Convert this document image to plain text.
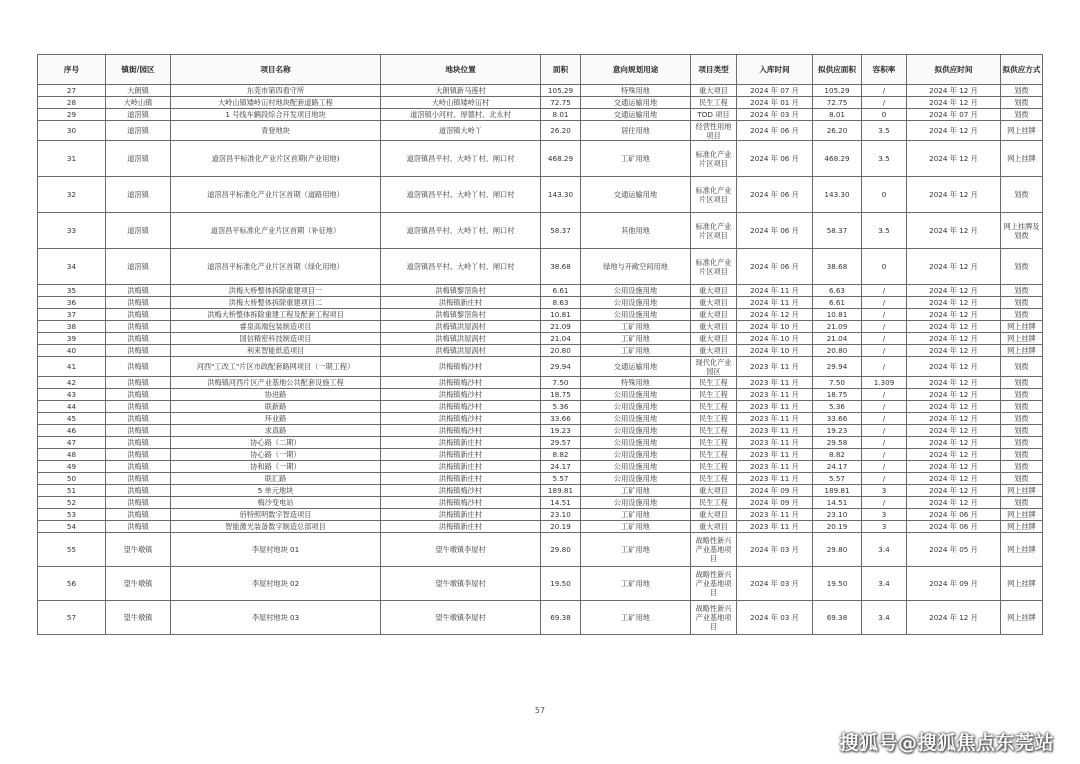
序号	镇街/园区	项目名称	地块位置	面积	意向规划用途	项目类型	入库时间	拟供应面积	容积率	拟供应时间	拟供应方式
27	大朗镇	东莞市第四看守所	大朗镇新马莲村	105.29	特殊用地	重大项目	2024 年 07 月	105.29	/	2024 年 12 月	划拨
28	大岭山镇	大岭山镇矮岭冚村地块配套道路工程	大岭山镇矮岭冚村	72.75	交通运输用地	民生工程	2024 年 01 月	72.75	/	2024 年 12 月	划拨
29	道滘镇	1 号线车辆段综合开发项目地块	道滘镇小河村、厚德村、北永村	8.01	交通运输用地	TOD 项目	2024 年 03 月	8.01	0	2024 年 07 月	划拨
30	道滘镇	青登地块	道滘镇大岭丫	26.20	居住用地	经营性用地项目	2024 年 06 月	26.20	3.5	2024 年 12 月	网上挂牌
31	道滘镇	道滘昌平标准化产业片区首期(产业用地)	道滘镇昌平村、大岭丫村、闸口村	468.29	工矿用地	标准化产业片区项目	2024 年 06 月	468.29	3.5	2024 年 12 月	网上挂牌
32	道滘镇	道滘昌平标准化产业片区首期（道路用地）	道滘镇昌平村、大岭丫村、闸口村	143.30	交通运输用地	标准化产业片区项目	2024 年 06 月	143.30	0	2024 年 12 月	划拨
33	道滘镇	道滘昌平标准化产业片区首期（补征地）	道滘镇昌平村、大岭丫村、闸口村	58.37	其他用地	标准化产业片区项目	2024 年 06 月	58.37	3.5	2024 年 12 月	网上挂牌及划拨
34	道滘镇	道滘昌平标准化产业片区首期（绿化用地）	道滘镇昌平村、大岭丫村、闸口村	38.68	绿地与开敞空间用地	标准化产业片区项目	2024 年 06 月	38.68	0	2024 年 12 月	划拨
35	洪梅镇	洪梅大桥整体拆除重建项目一	洪梅镇黎滘角村	6.61	公用设施用地	重大项目	2024 年 11 月	6.63	/	2024 年 12 月	划拨
36	洪梅镇	洪梅大桥整体拆除重建项目二	洪梅镇新庄村	8.63	公用设施用地	重大项目	2024 年 11 月	6.61	/	2024 年 12 月	划拨
37	洪梅镇	洪梅大桥整体拆除重建工程及配套工程项目	洪梅镇黎滘角村	10.81	公用设施用地	重大项目	2024 年 12 月	10.81	/	2024 年 12 月	划拨
38	洪梅镇	睿泉高端包装制造项目	洪梅镇洪屋涡村	21.09	工矿用地	重大项目	2024 年 10 月	21.09	/	2024 年 12 月	网上挂牌
39	洪梅镇	国信精密科技制造项目	洪梅镇洪屋涡村	21.04	工矿用地	重大项目	2024 年 10 月	21.04	/	2024 年 12 月	网上挂牌
40	洪梅镇	利来智能纸造项目	洪梅镇洪屋涡村	20.80	工矿用地	重大项目	2024 年 10 月	20.80	/	2024 年 12 月	网上挂牌
41	洪梅镇	河西"工改工"片区市政配套路网项目（一期工程）	洪梅镇梅沙村	29.94	交通运输用地	现代化产业园区	2023 年 11 月	29.94	/	2024 年 12 月	划拨
42	洪梅镇	洪梅镇河西片区产业基地公共配套设施工程	洪梅镇梅沙村	7.50	特殊用地	民生工程	2023 年 11 月	7.50	1.309	2024 年 12 月	划拨
43	洪梅镇	协进路	洪梅镇梅沙村	18.75	公用设施用地	民生工程	2023 年 11 月	18.75	/	2024 年 12 月	划拨
44	洪梅镇	联新路	洪梅镇梅沙村	5.36	公用设施用地	民生工程	2023 年 11 月	5.36	/	2024 年 12 月	划拨
45	洪梅镇	环业路	洪梅镇梅沙村	33.66	公用设施用地	民生工程	2023 年 11 月	33.66	/	2024 年 12 月	划拨
46	洪梅镇	求真路	洪梅镇梅沙村	19.23	公用设施用地	民生工程	2023 年 11 月	19.23	/	2024 年 12 月	划拨
47	洪梅镇	协心路（二期）	洪梅镇新庄村	29.57	公用设施用地	民生工程	2023 年 11 月	29.58	/	2024 年 12 月	划拨
48	洪梅镇	协心路（一期）	洪梅镇新庄村	8.82	公用设施用地	民生工程	2023 年 11 月	8.82	/	2024 年 12 月	划拨
49	洪梅镇	协和路（一期）	洪梅镇新庄村	24.17	公用设施用地	民生工程	2023 年 11 月	24.17	/	2024 年 12 月	划拨
50	洪梅镇	联汇路	洪梅镇新庄村	5.57	公用设施用地	民生工程	2023 年 11 月	5.57	/	2024 年 12 月	划拨
51	洪梅镇	5 单元地块	洪梅镇梅沙村	189.81	工矿用地	重大项目	2024 年 09 月	189.81	3	2024 年 12 月	网上挂牌
52	洪梅镇	梅沙变电站	洪梅镇梅沙村	14.51	公用设施用地	民生工程	2024 年 09 月	14.51	/	2024 年 12 月	划拨
53	洪梅镇	佰特照明数字智造项目	洪梅镇新庄村	23.10	工矿用地	重大项目	2023 年 11 月	23.10	3	2024 年 06 月	网上挂牌
54	洪梅镇	智能激光装备数字制造总部项目	洪梅镇新庄村	20.19	工矿用地	重大项目	2023 年 11 月	20.19	3	2024 年 06 月	网上挂牌
55	望牛墩镇	李屋村地块 01	望牛墩镇李屋村	29.80	工矿用地	战略性新兴产业基地项目	2024 年 03 月	29.80	3.4	2024 年 05 月	网上挂牌
56	望牛墩镇	李屋村地块 02	望牛墩镇李屋村	19.50	工矿用地	战略性新兴产业基地项目	2024 年 03 月	19.50	3.4	2024 年 09 月	网上挂牌
57	望牛墩镇	李屋村地块 03	望牛墩镇李屋村	69.38	工矿用地	战略性新兴产业基地项目	2024 年 03 月	69.38	3.4	2024 年 12 月	网上挂牌
57
搜狐号@搜狐焦点东莞站
